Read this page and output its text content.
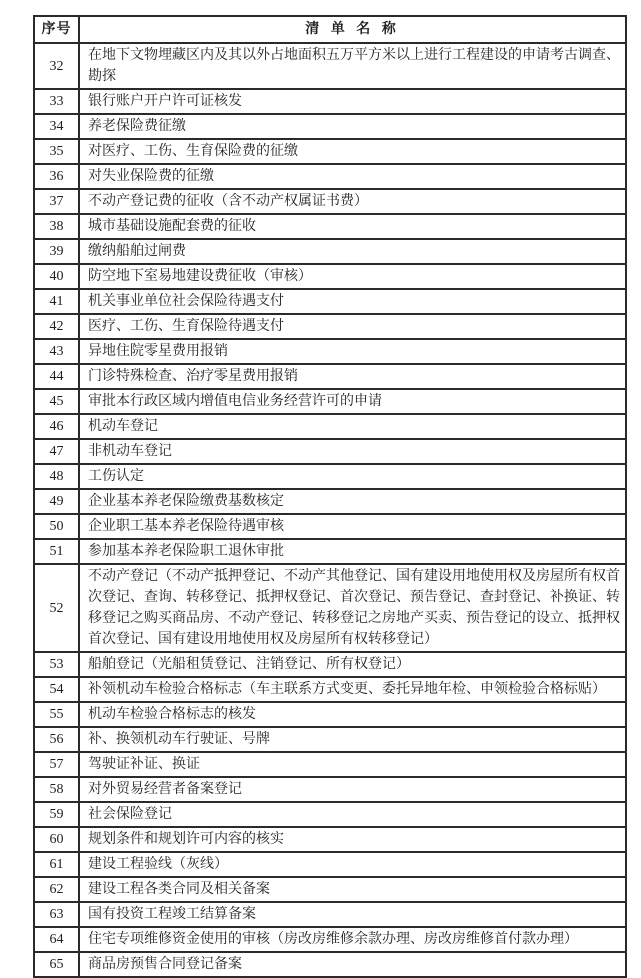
序号	清 单 名 称
32	在地下文物埋藏区内及其以外占地面积五万平方米以上进行工程建设的申请考古调查、勘探
33	银行账户开户许可证核发
34	养老保险费征缴
35	对医疗、工伤、生育保险费的征缴
36	对失业保险费的征缴
37	不动产登记费的征收（含不动产权属证书费）
38	城市基础设施配套费的征收
39	缴纳船舶过闸费
40	防空地下室易地建设费征收（审核）
41	机关事业单位社会保险待遇支付
42	医疗、工伤、生育保险待遇支付
43	异地住院零星费用报销
44	门诊特殊检查、治疗零星费用报销
45	审批本行政区域内增值电信业务经营许可的申请
46	机动车登记
47	非机动车登记
48	工伤认定
49	企业基本养老保险缴费基数核定
50	企业职工基本养老保险待遇审核
51	参加基本养老保险职工退休审批
52	不动产登记（不动产抵押登记、不动产其他登记、国有建设用地使用权及房屋所有权首次登记、查询、转移登记、抵押权登记、首次登记、预告登记、查封登记、补换证、转移登记之购买商品房、不动产登记、转移登记之房地产买卖、预告登记的设立、抵押权首次登记、国有建设用地使用权及房屋所有权转移登记）
53	船舶登记（光船租赁登记、注销登记、所有权登记）
54	补领机动车检验合格标志（车主联系方式变更、委托异地年检、申领检验合格标贴）
55	机动车检验合格标志的核发
56	补、换领机动车行驶证、号牌
57	驾驶证补证、换证
58	对外贸易经营者备案登记
59	社会保险登记
60	规划条件和规划许可内容的核实
61	建设工程验线（灰线）
62	建设工程各类合同及相关备案
63	国有投资工程竣工结算备案
64	住宅专项维修资金使用的审核（房改房维修余款办理、房改房维修首付款办理）
65	商品房预售合同登记备案
